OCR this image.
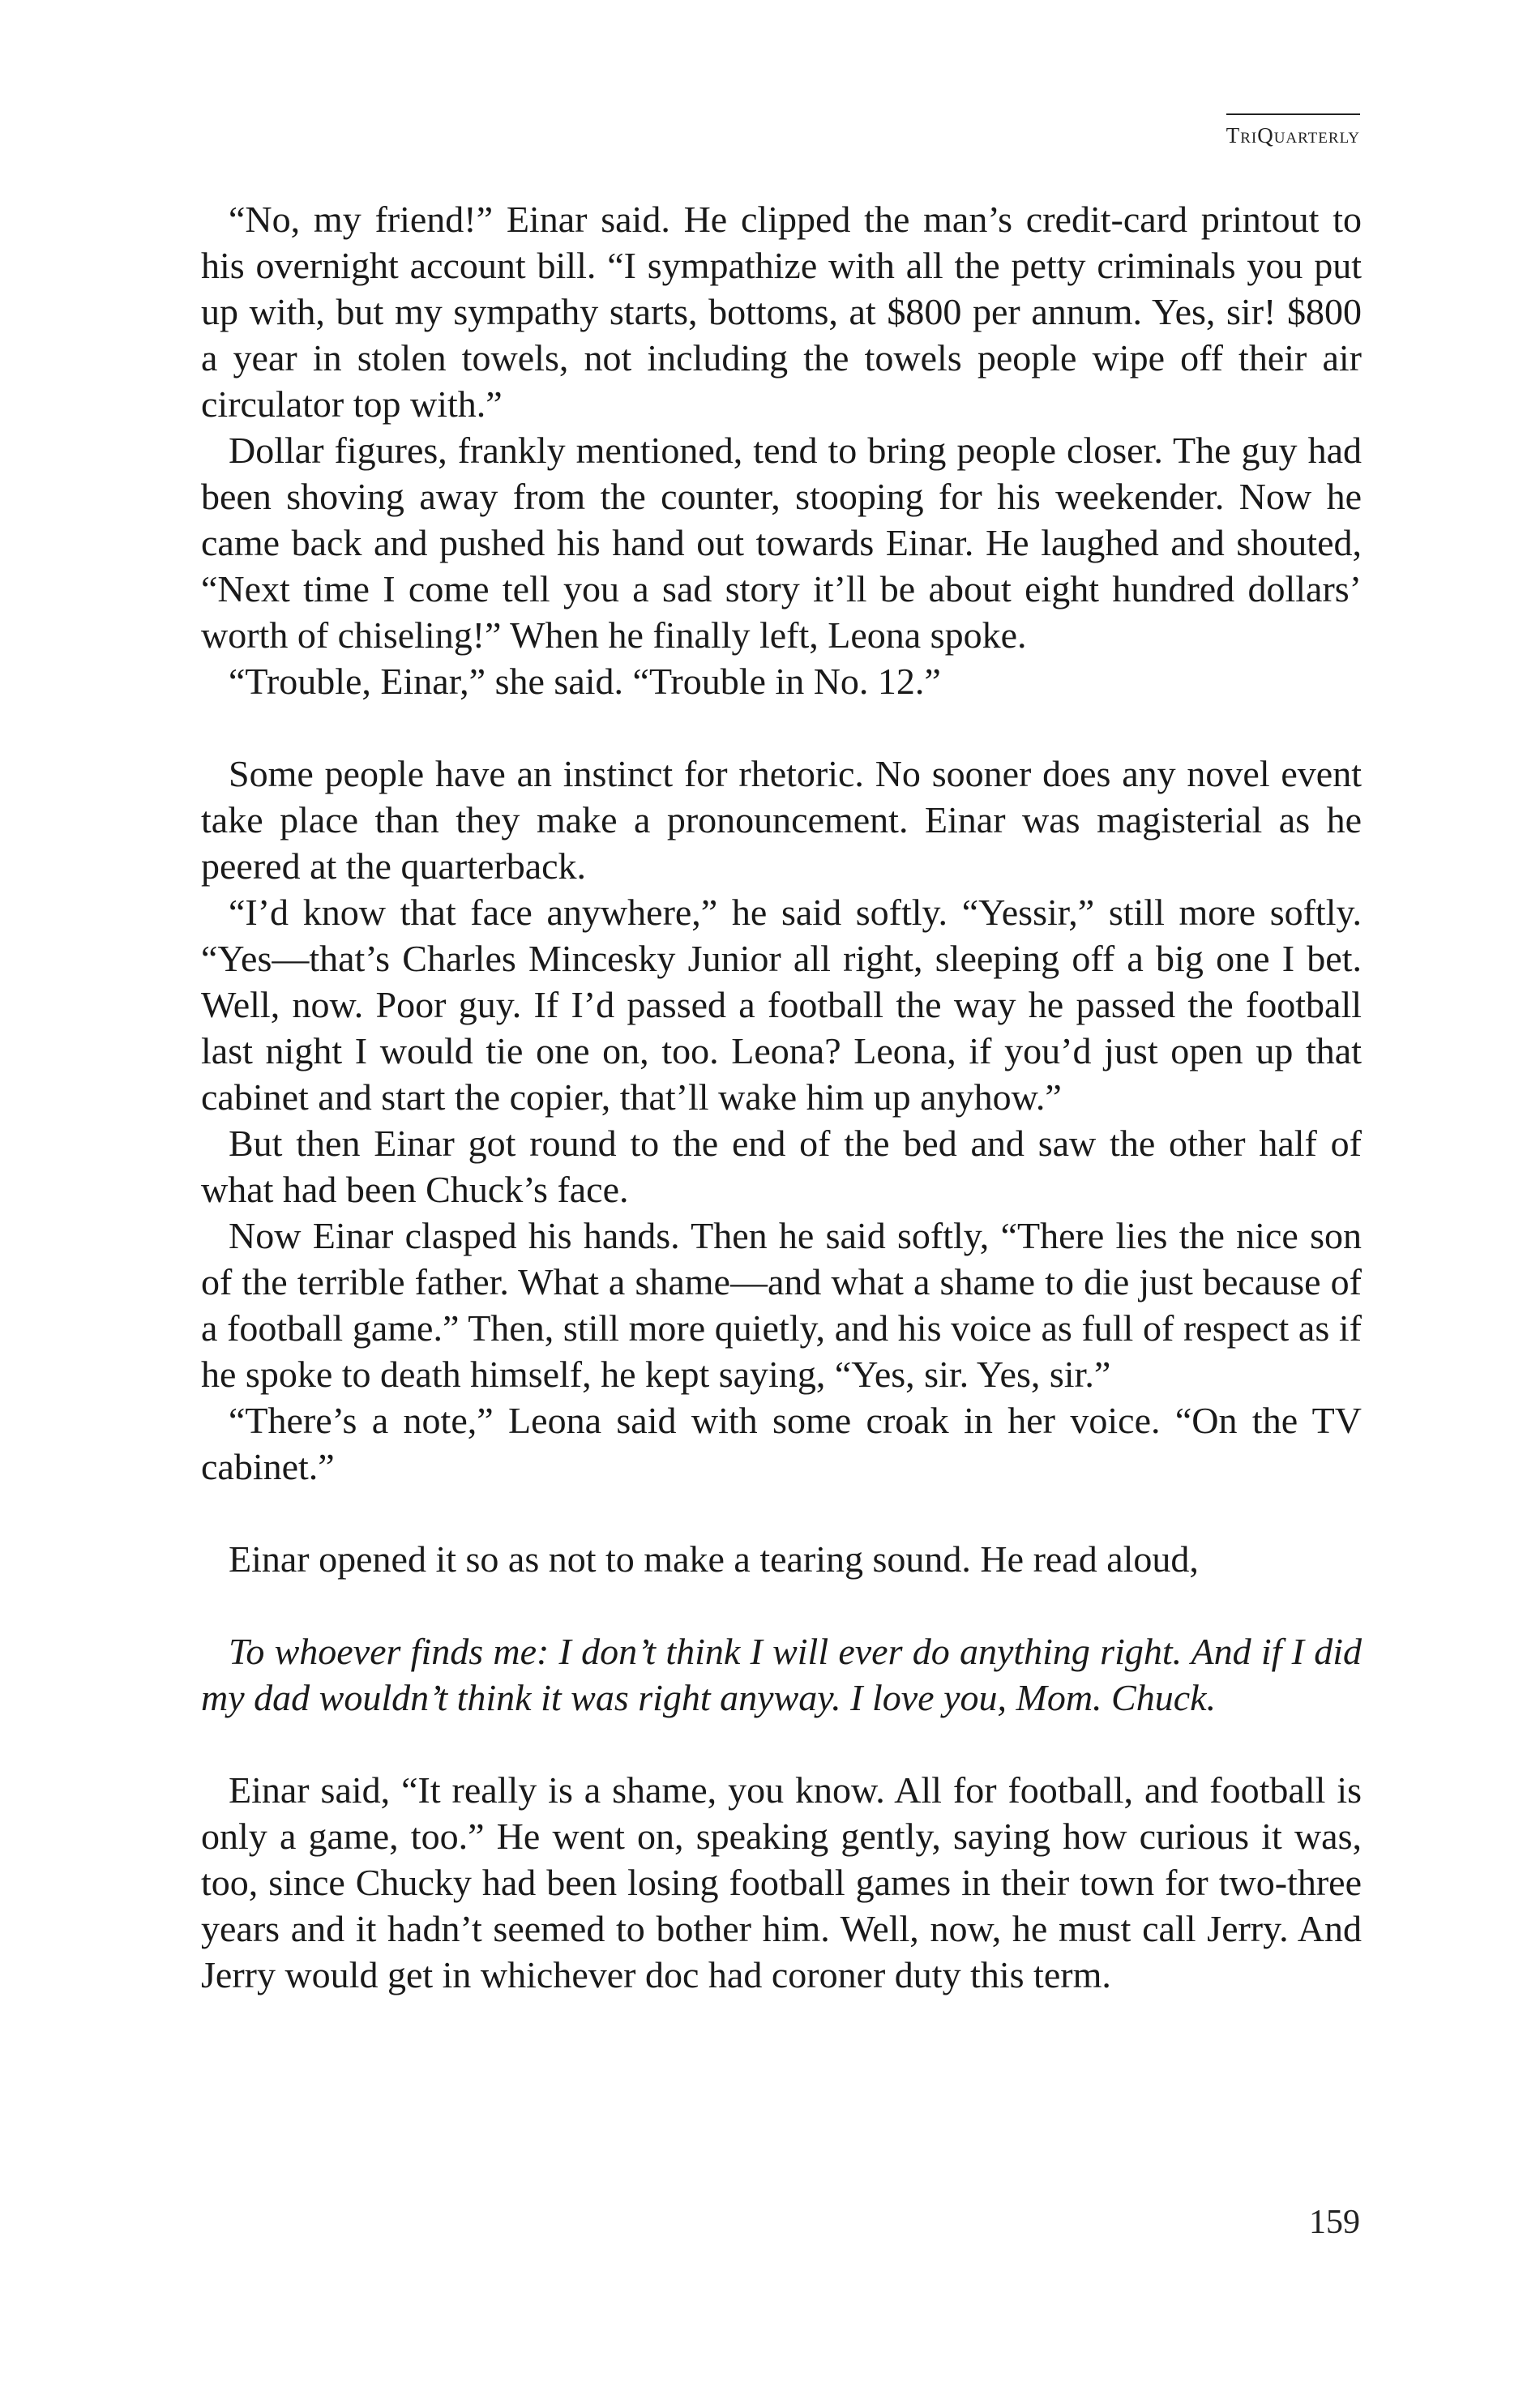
TriQuarterly

“No, my friend!” Einar said. He clipped the man’s credit-card printout to his overnight account bill. “I sympathize with all the petty criminals you put up with, but my sympathy starts, bottoms, at $800 per annum. Yes, sir! $800 a year in stolen towels, not including the towels people wipe off their air circulator top with.”

Dollar figures, frankly mentioned, tend to bring people closer. The guy had been shoving away from the counter, stooping for his weekender. Now he came back and pushed his hand out towards Einar. He laughed and shouted, “Next time I come tell you a sad story it’ll be about eight hundred dollars’ worth of chiseling!” When he finally left, Leona spoke.

“Trouble, Einar,” she said. “Trouble in No. 12.”

Some people have an instinct for rhetoric. No sooner does any novel event take place than they make a pronouncement. Einar was magisterial as he peered at the quarterback.

“I’d know that face anywhere,” he said softly. “Yessir,” still more softly. “Yes—that’s Charles Mincesky Junior all right, sleeping off a big one I bet. Well, now. Poor guy. If I’d passed a football the way he passed the football last night I would tie one on, too. Leona? Leona, if you’d just open up that cabinet and start the copier, that’ll wake him up anyhow.”

But then Einar got round to the end of the bed and saw the other half of what had been Chuck’s face.

Now Einar clasped his hands. Then he said softly, “There lies the nice son of the terrible father. What a shame—and what a shame to die just because of a football game.” Then, still more quietly, and his voice as full of respect as if he spoke to death himself, he kept saying, “Yes, sir. Yes, sir.”

“There’s a note,” Leona said with some croak in her voice. “On the TV cabinet.”

Einar opened it so as not to make a tearing sound. He read aloud,

To whoever finds me: I don’t think I will ever do anything right. And if I did my dad wouldn’t think it was right anyway. I love you, Mom. Chuck.

Einar said, “It really is a shame, you know. All for football, and football is only a game, too.” He went on, speaking gently, saying how curious it was, too, since Chucky had been losing football games in their town for two-three years and it hadn’t seemed to bother him. Well, now, he must call Jerry. And Jerry would get in whichever doc had coroner duty this term.

159
